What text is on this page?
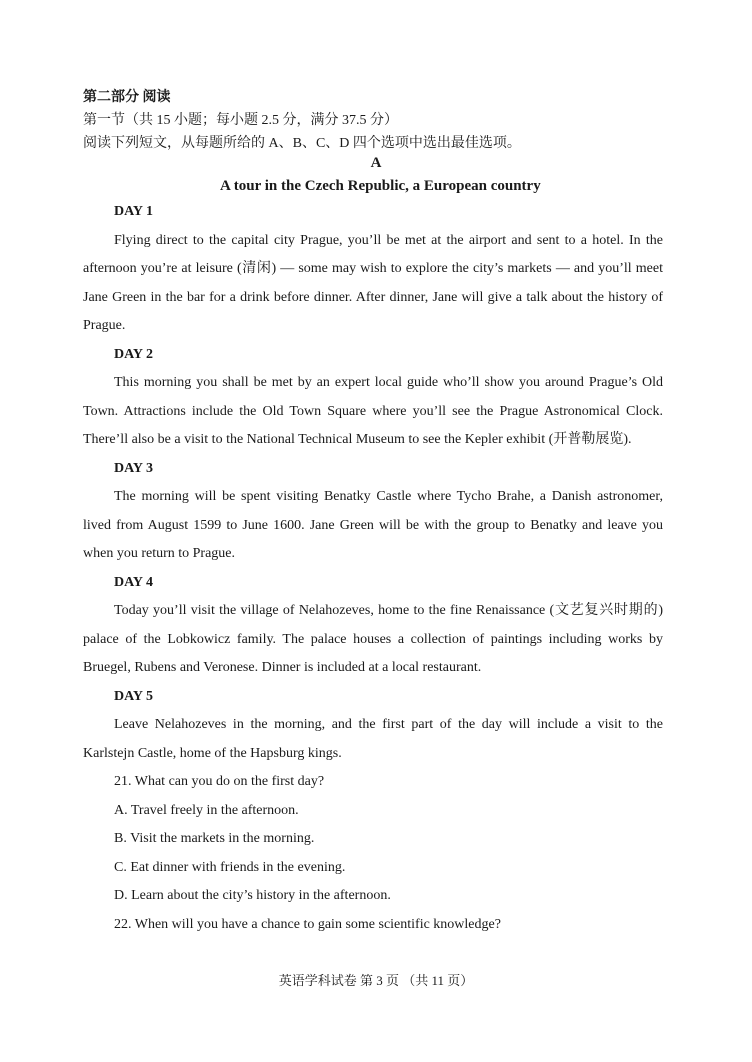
第二部分 阅读
第一节（共 15 小题；每小题 2.5 分，满分 37.5 分）
阅读下列短文，从每题所给的 A、B、C、D 四个选项中选出最佳选项。
A
A tour in the Czech Republic, a European country
DAY 1

Flying direct to the capital city Prague, you’ll be met at the airport and sent to a hotel. In the afternoon you’re at leisure (清闲) — some may wish to explore the city’s markets — and you’ll meet Jane Green in the bar for a drink before dinner. After dinner, Jane will give a talk about the history of Prague.

DAY 2

This morning you shall be met by an expert local guide who’ll show you around Prague’s Old Town. Attractions include the Old Town Square where you’ll see the Prague Astronomical Clock. There’ll also be a visit to the National Technical Museum to see the Kepler exhibit (开普勒展览).

DAY 3

The morning will be spent visiting Benatky Castle where Tycho Brahe, a Danish astronomer, lived from August 1599 to June 1600. Jane Green will be with the group to Benatky and leave you when you return to Prague.

DAY 4

Today you’ll visit the village of Nelahozeves, home to the fine Renaissance (文艺复兴时期的) palace of the Lobkowicz family. The palace houses a collection of paintings including works by Bruegel, Rubens and Veronese. Dinner is included at a local restaurant.

DAY 5

Leave Nelahozeves in the morning, and the first part of the day will include a visit to the Karlstejn Castle, home of the Hapsburg kings.

21. What can you do on the first day?
A. Travel freely in the afternoon.
B. Visit the markets in the morning.
C. Eat dinner with friends in the evening.
D. Learn about the city’s history in the afternoon.
22. When will you have a chance to gain some scientific knowledge?
英语学科试卷 第 3 页 （共 11 页）
